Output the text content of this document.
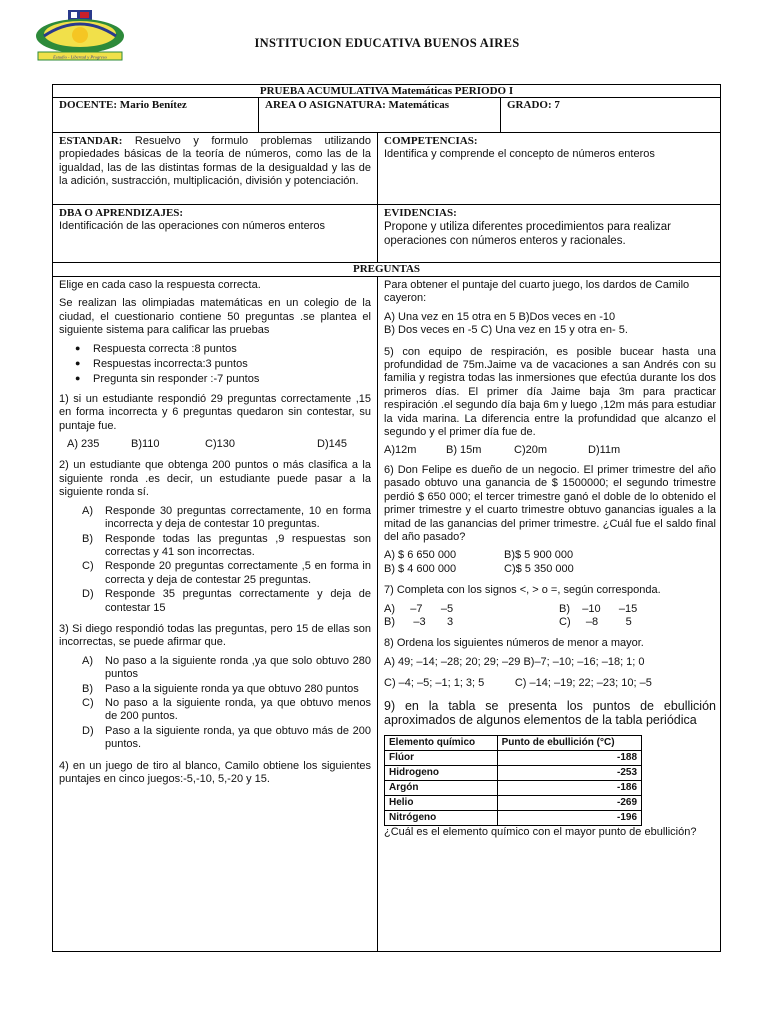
Estudio - Libertad y Progreso
INSTITUCION EDUCATIVA BUENOS AIRES
PRUEBA ACUMULATIVA Matemáticas PERIODO I
DOCENTE: Mario Benítez	AREA O ASIGNATURA: Matemáticas	GRADO: 7
ESTANDAR: Resuelvo y formulo problemas utilizando propiedades básicas de la teoría de números, como las de la igualdad, las de las distintas formas de la desigualdad y las de la adición, sustracción, multiplicación, división y potenciación.
COMPETENCIAS:
Identifica y comprende el concepto de números enteros
DBA O APRENDIZAJES:
Identificación de las operaciones con números enteros
EVIDENCIAS:
Propone y utiliza diferentes procedimientos para realizar operaciones con números enteros y racionales.
PREGUNTAS

Elige en cada caso la respuesta correcta.

Se realizan las olimpiadas matemáticas en un colegio de la ciudad, el cuestionario contiene 50 preguntas .se plantea el siguiente sistema para calificar las pruebas

● Respuesta correcta :8 puntos
● Respuestas incorrecta:3 puntos
● Pregunta sin responder :-7 puntos

1) si un estudiante respondió 29 preguntas correctamente ,15 en forma incorrecta y 6 preguntas quedaron sin contestar, su puntaje fue.

A) 235	B)110	C)130	D)145

2) un estudiante que obtenga 200 puntos o más clasifica a la siguiente ronda .es decir, un estudiante puede pasar a la siguiente ronda sí.

A)	Responde 30 preguntas correctamente, 10 en forma incorrecta y deja de contestar 10 preguntas.
B)	Responde todas las preguntas ,9 respuestas son correctas y 41 son incorrectas.
C)	Responde 20 preguntas correctamente ,5 en forma in correcta y deja de contestar 25 preguntas.
D)	Responde 35 preguntas correctamente y deja de contestar 15

3) Si diego respondió todas las preguntas, pero 15 de ellas son incorrectas, se puede afirmar que.

A)	No paso a la siguiente ronda ,ya que solo obtuvo 280 puntos
B)	Paso a la siguiente ronda ya que obtuvo 280 puntos
C)	No paso a la siguiente ronda, ya que obtuvo menos de 200 puntos.
D)	Paso a la siguiente ronda, ya que obtuvo más de 200 puntos.

4) en un juego de tiro al blanco, Camilo obtiene los siguientes puntajes en cinco juegos:-5,-10, 5,-20 y 15.

Para obtener el puntaje del cuarto juego, los dardos de Camilo cayeron:

A) Una vez en 15 otra en 5 B)Dos veces en -10
B) Dos veces en -5 C) Una vez en 15 y otra en- 5.

5) con equipo de respiración, es posible bucear hasta una profundidad de 75m.Jaime va de vacaciones a san Andrés con su familia y registra todas las inmersiones que efectúa durante los dos primeros días. El primer día Jaime baja 3m para practicar respiración .el segundo día baja 6m y luego ,12m más para estudiar la vida marina. La diferencia entre la profundidad que alcanzo el segundo y el primer día fue de.

A)12m	B) 15m	C)20m	D)11m

6) Don Felipe es dueño de un negocio. El primer trimestre del año pasado obtuvo una ganancia de $ 1500000; el segundo trimestre perdió $ 650 000; el tercer trimestre ganó el doble de lo obtenido el primer trimestre y el cuarto trimestre obtuvo ganancias iguales a la mitad de las ganancias del primer trimestre. ¿Cuál fue el saldo final del año pasado?

A) $ 6 650 000	B)$ 5 900 000
B) $ 4 600 000	C)$ 5 350 000

7) Completa con los signos <, > o =, según corresponda.

A)     –7      –5	B)    –10      –15
B)      –3       3	C)     –8         5

8) Ordena los siguientes números de menor a mayor.

A) 49; –14; –28; 20; 29; –29 B)–7; –10; –16; –18; 1; 0
C) –4; –5; –1; 1; 3; 5          C) –14; –19; 22; –23; 10; –5

9) en la tabla se presenta los puntos de ebullición aproximados de algunos elementos de la tabla periódica

Elemento químico	Punto de ebullición (°C)
Flúor	-188
Hidrogeno	-253
Argón	-186
Helio	-269
Nitrógeno	-196

¿Cuál es el elemento químico con el mayor punto de ebullición?
